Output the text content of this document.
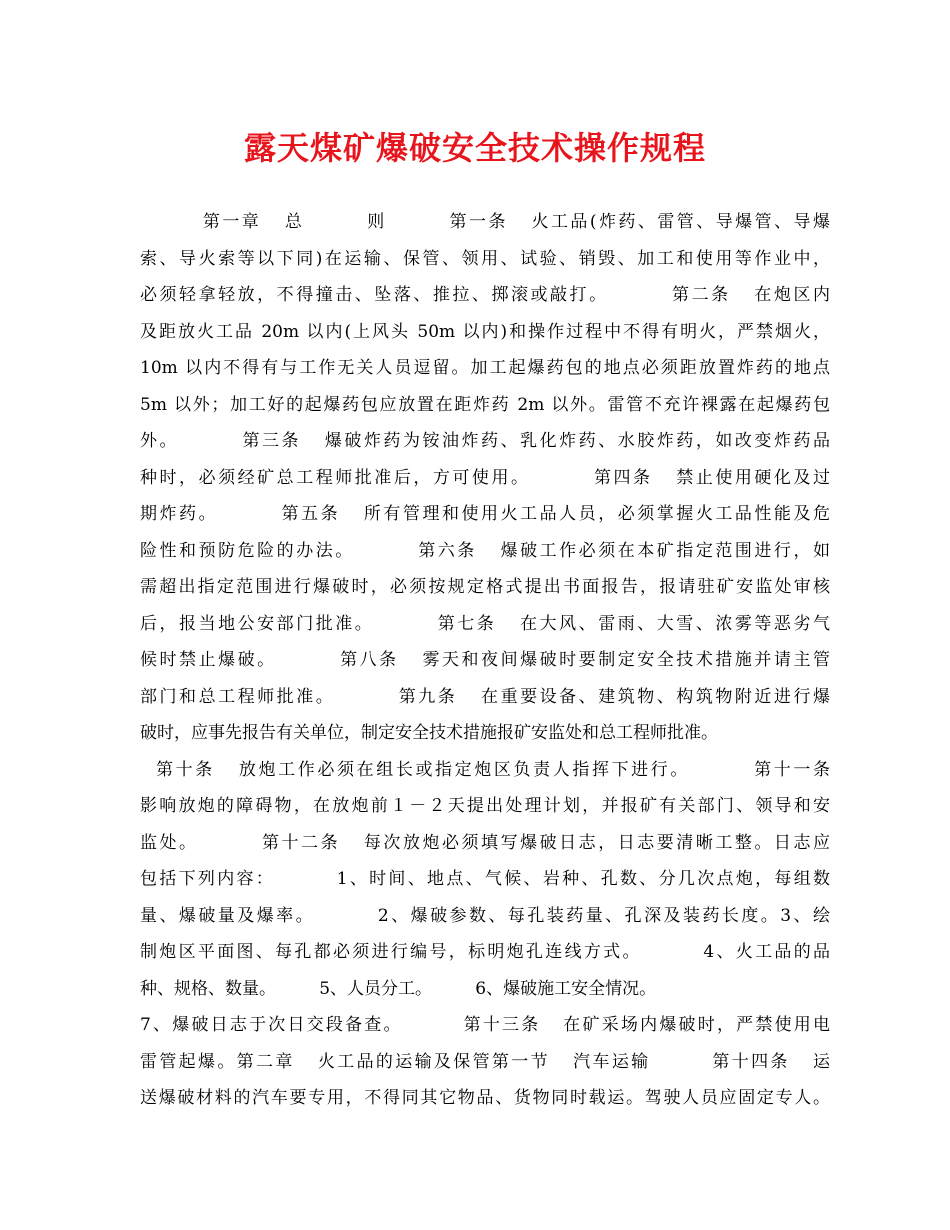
露天煤矿爆破安全技术操作规程
第一章   总        则        第一条   火工品(炸药、雷管、导爆管、导爆
索、导火索等以下同)在运输、保管、领用、试验、销毁、加工和使用等作业中，
必须轻拿轻放，不得撞击、坠落、推拉、掷滚或敲打。        第二条   在炮区内
及距放火工品 20m 以内(上风头 50m 以内)和操作过程中不得有明火，严禁烟火，
10m 以内不得有与工作无关人员逗留。加工起爆药包的地点必须距放置炸药的地点
5m 以外；加工好的起爆药包应放置在距炸药 2m 以外。雷管不充许裸露在起爆药包
外。        第三条   爆破炸药为铵油炸药、乳化炸药、水胶炸药，如改变炸药品
种时，必须经矿总工程师批准后，方可使用。        第四条   禁止使用硬化及过
期炸药。        第五条   所有管理和使用火工品人员，必须掌握火工品性能及危
险性和预防危险的办法。        第六条   爆破工作必须在本矿指定范围进行，如
需超出指定范围进行爆破时，必须按规定格式提出书面报告，报请驻矿安监处审核
后，报当地公安部门批准。        第七条   在大风、雷雨、大雪、浓雾等恶劣气
候时禁止爆破。        第八条   雾天和夜间爆破时要制定安全技术措施并请主管
部门和总工程师批准。        第九条   在重要设备、建筑物、构筑物附近进行爆
破时，应事先报告有关单位，制定安全技术措施报矿安监处和总工程师批准。
第十条   放炮工作必须在组长或指定炮区负责人指挥下进行。        第十一条
影响放炮的障碍物，在放炮前１－２天提出处理计划，并报矿有关部门、领导和安
监处。        第十二条   每次放炮必须填写爆破日志，日志要清晰工整。日志应
包括下列内容：        1、时间、地点、气候、岩种、孔数、分几次点炮，每组数
量、爆破量及爆率。        2、爆破参数、每孔装药量、孔深及装药长度。3、绘
制炮区平面图、每孔都必须进行编号，标明炮孔连线方式。        4、火工品的品
种、规格、数量。        5、人员分工。        6、爆破施工安全情况。
7、爆破日志于次日交段备查。        第十三条   在矿采场内爆破时，严禁使用电
雷管起爆。第二章   火工品的运输及保管第一节   汽车运输        第十四条   运
送爆破材料的汽车要专用，不得同其它物品、货物同时载运。驾驶人员应固定专人。
